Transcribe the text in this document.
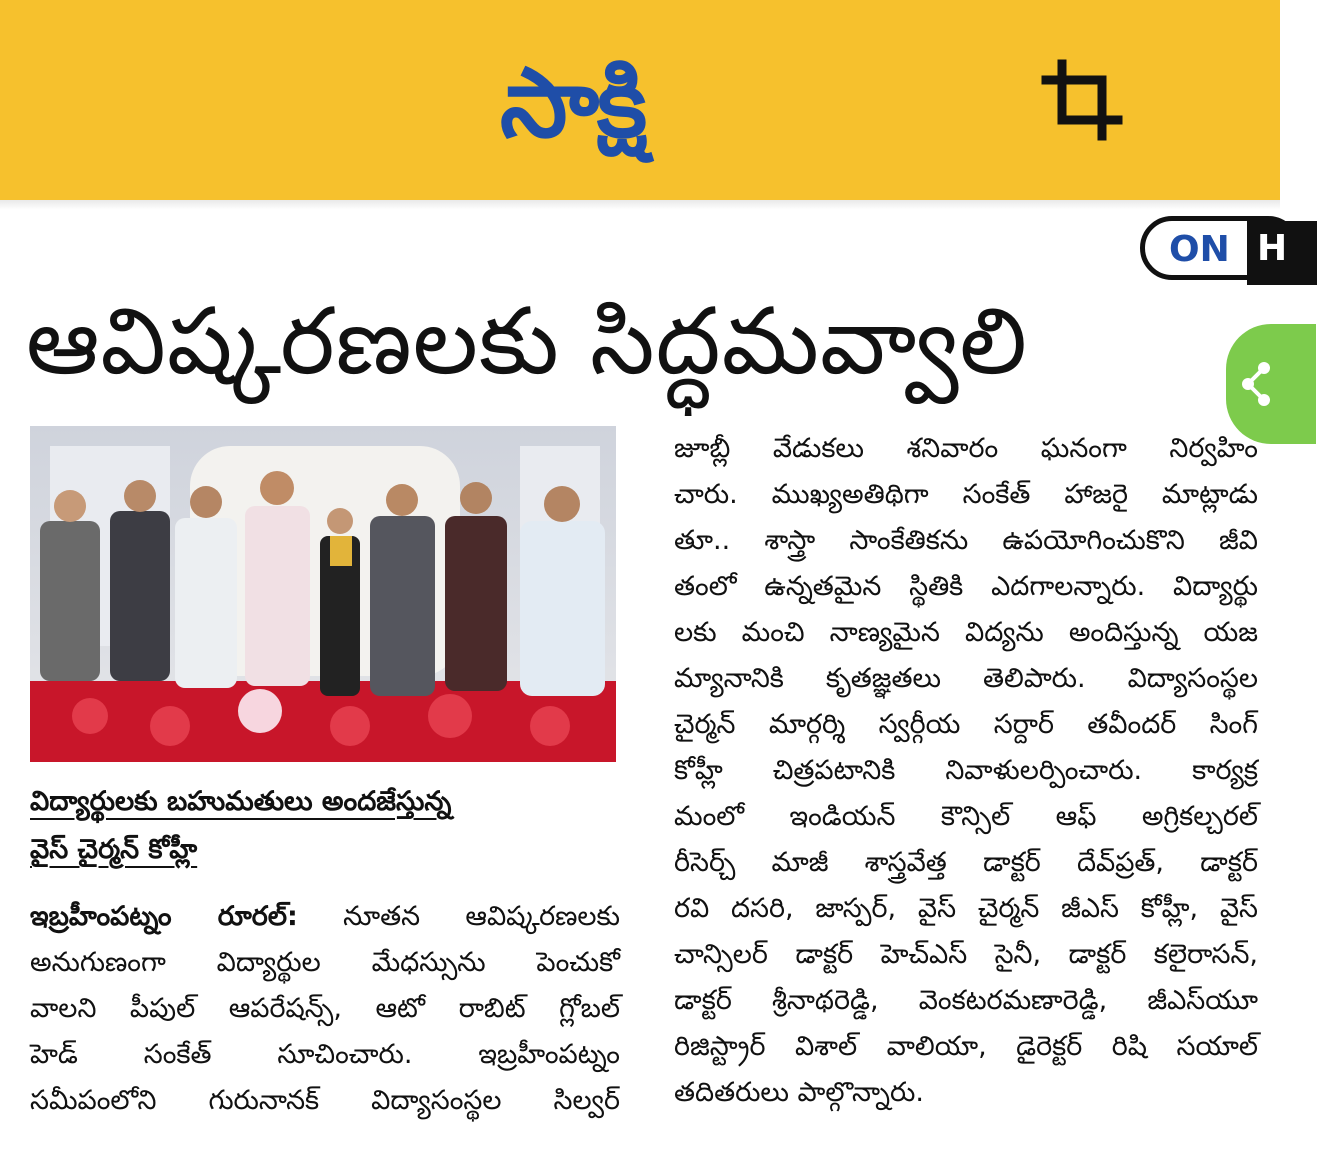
సాక్షి
ON H
ఆవిష్కరణలకు సిద్ధమవ్వాలి
విద్యార్థులకు బహుమతులు అందజేస్తున్న
వైస్ చైర్మన్ కోహ్లీ
ఇబ్రహీంపట్నం రూరల్: నూతన ఆవిష్కరణలకు
అనుగుణంగా విద్యార్థుల మేధస్సును పెంచుకో
వాలని పీపుల్ ఆపరేషన్స్, ఆటో రాబిట్ గ్లోబల్
హెడ్ సంకేత్ సూచించారు. ఇబ్రహీంపట్నం
సమీపంలోని గురునానక్ విద్యాసంస్థల సిల్వర్
జూబ్లీ వేడుకలు శనివారం ఘనంగా నిర్వహిం
చారు. ముఖ్యఅతిథిగా సంకేత్ హాజరై మాట్లాడు
తూ.. శాస్త్రా సాంకేతికను ఉపయోగించుకొని జీవి
తంలో ఉన్నతమైన స్థితికి ఎదగాలన్నారు. విద్యార్థు
లకు మంచి నాణ్యమైన విద్యను అందిస్తున్న యజ
మ్యానానికి కృతజ్ఞతలు తెలిపారు. విద్యాసంస్థల
చైర్మన్ మార్గర్శి స్వర్గీయ సర్దార్ తవీందర్ సింగ్
కోహ్లీ చిత్రపటానికి నివాళులర్పించారు. కార్యక్ర
మంలో ఇండియన్ కౌన్సిల్ ఆఫ్ అగ్రికల్చరల్
రీసెర్చ్ మాజీ శాస్త్రవేత్త డాక్టర్ దేవ్‌ప్రత్, డాక్టర్
రవి దసరి, జాస్పర్, వైస్ చైర్మన్ జీఎస్ కోహ్లీ, వైస్
చాన్సిలర్ డాక్టర్ హెచ్ఎస్ సైనీ, డాక్టర్ కలైరాసన్,
డాక్టర్ శ్రీనాథరెడ్డి, వెంకటరమణారెడ్డి, జీఎస్‌యూ
రిజిస్ట్రార్ విశాల్ వాలియా, డైరెక్టర్ రిషి సయాల్
తదితరులు పాల్గొన్నారు.
